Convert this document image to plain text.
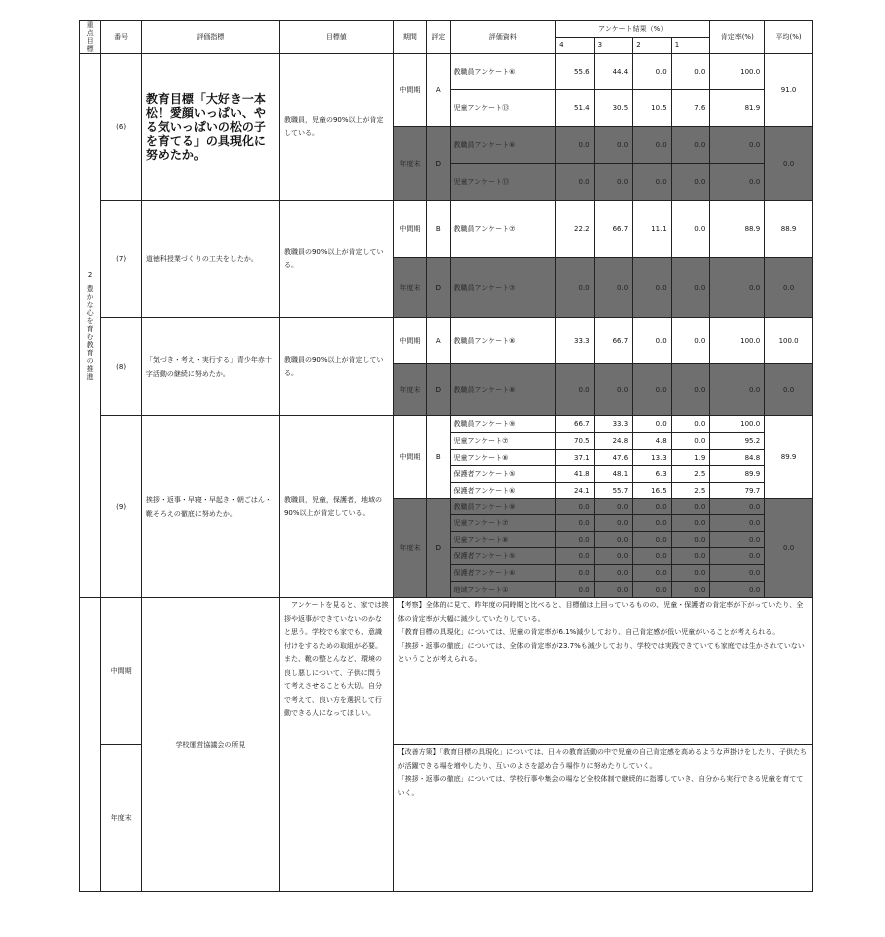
重点目標	番号	評価指標	目標値	期間	評定	評価資料	アンケート結果（%）				肯定率(%)	平均(%)
							4	3	2	1		

2
豊かな心を育む教育の推進	(6)	教育目標「大好き一本松！愛顔いっぱい、やる気いっぱいの松の子を育てる」の具現化に努めたか。	教職員，児童の90%以上が肯定している。	中間期	A	教職員アンケート⑥	55.6	44.4	0.0	0.0	100.0	91.0
						児童アンケート⑬	51.4	30.5	10.5	7.6	81.9	
				年度末	D	教職員アンケート⑥	0.0	0.0	0.0	0.0	0.0	0.0
						児童アンケート⑬	0.0	0.0	0.0	0.0	0.0	
	(7)	道徳科授業づくりの工夫をしたか。	教職員の90%以上が肯定している。	中間期	B	教職員アンケート⑦	22.2	66.7	11.1	0.0	88.9	88.9
				年度末	D	教職員アンケート⑦	0.0	0.0	0.0	0.0	0.0	0.0
	(8)	「気づき・考え・実行する」青少年赤十字活動の継続に努めたか。	教職員の90%以上が肯定している。	中間期	A	教職員アンケート⑧	33.3	66.7	0.0	0.0	100.0	100.0
				年度末	D	教職員アンケート⑧	0.0	0.0	0.0	0.0	0.0	0.0
	(9)	挨拶・返事・早寝・早起き・朝ごはん・靴そろえの徹底に努めたか。	教職員，児童，保護者，地域の90%以上が肯定している。	中間期	B	教職員アンケート⑨	66.7	33.3	0.0	0.0	100.0	89.9
						児童アンケート⑦	70.5	24.8	4.8	0.0	95.2	
						児童アンケート⑧	37.1	47.6	13.3	1.9	84.8	
						保護者アンケート⑤	41.8	48.1	6.3	2.5	89.9	
						保護者アンケート⑥	24.1	55.7	16.5	2.5	79.7	
				年度末	D	教職員アンケート⑨	0.0	0.0	0.0	0.0	0.0	0.0
						児童アンケート⑦	0.0	0.0	0.0	0.0	0.0	
						児童アンケート⑧	0.0	0.0	0.0	0.0	0.0	
						保護者アンケート⑤	0.0	0.0	0.0	0.0	0.0	
						保護者アンケート⑥	0.0	0.0	0.0	0.0	0.0	
						地域アンケート①	0.0	0.0	0.0	0.0	0.0	
	中間期	学校運営協議会の所見	　アンケートを見ると、家では挨拶や返事ができていないのかなと思う。学校でも家でも、意識付けをするための取組が必要。また、靴の整とんなど、環境の良し悪しについて、子供に問うて考えさせることも大切。自分で考えて、良い方を選択して行動できる人になってほしい。	【考察】全体的に見て、昨年度の同時期と比べると、目標値は上回っているものの、児童・保護者の肯定率が下がっていたり、全体の肯定率が大幅に減少していたりしている。
「教育目標の具現化」については、児童の肯定率が6.1%減少しており、自己肯定感が低い児童がいることが考えられる。
「挨拶・返事の徹底」については、全体の肯定率が23.7%も減少しており、学校では実践できていても家庭では生かされていないということが考えられる。								
	年度末			【改善方策】「教育目標の具現化」については、日々の教育活動の中で児童の自己肯定感を高めるような声掛けをしたり、子供たちが活躍できる場を増やしたり、互いのよさを認め合う場作りに努めたりしていく。
「挨拶・返事の徹底」については、学校行事や集会の場など全校体制で継続的に指導していき、自分から実行できる児童を育てていく。								
